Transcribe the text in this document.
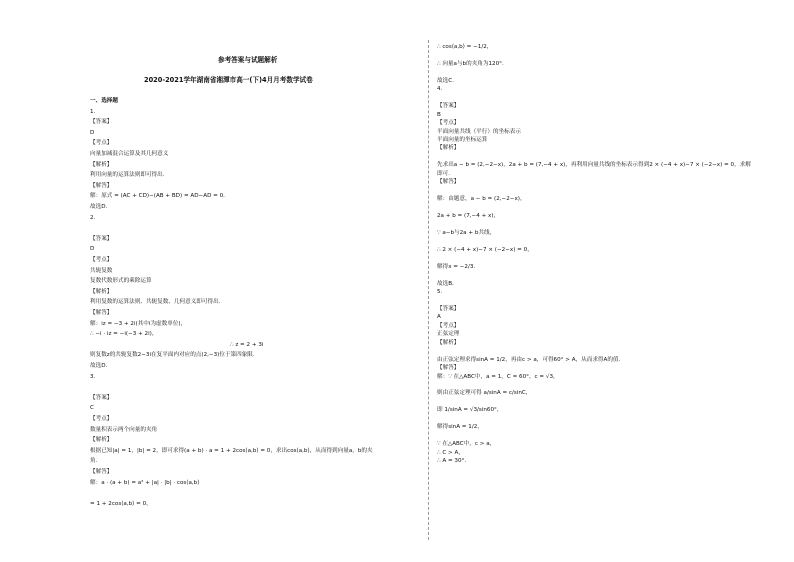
参考答案与试题解析
2020-2021学年湖南省湘潭市高一(下)4月月考数学试卷
一、选择题
1.
【答案】
D
【考点】
向量加减混合运算及其几何意义
【解析】
利用向量的运算法则即可得出.
【解答】
解：原式 = (AC + CD)−(AB + BD) = AD−AD = 0.
故选D.
2.
【答案】
D
【考点】
共轭复数
复数代数形式的乘除运算
【解析】
利用复数的运算法则、共轭复数、几何意义即可得出.
【解答】
解：iz = −3 + 2i(其中i为虚数单位)，
∴ −i · iz = −i(−3 + 2i)，
∴ z = 2 + 3i
则复数z的共轭复数2−3i在复平面内对应的点(2,−3)位于第四象限.
故选D.
3.
【答案】
C
【考点】
数量积表示两个向量的夹角
【解析】
根据已知|a| = 1，|b| = 2，即可求得(a + b) · a = 1 + 2cos⟨a,b⟩ = 0，求出cos⟨a,b⟩，从而得到向量a，b的夹
角.
【解答】
解：a · (a + b) = a² + |a| · |b| · cos⟨a,b⟩
= 1 + 2cos⟨a,b⟩ = 0，
∴ cos⟨a,b⟩ = −1/2，
∴ 向量a与b的夹角为120°.
故选C.
4.
【答案】
B
【考点】
平面向量共线（平行）的坐标表示
平面向量的坐标运算
【解析】
先求出a − b = (2,−2−x)，2a + b = (7,−4 + x)，再利用向量共线的坐标表示得到2 × (−4 + x)−7 × (−2−x) = 0，求解
即可.
【解答】
解：由题意，a − b = (2,−2−x)，
2a + b = (7,−4 + x)，
∵ a−b与2a + b共线，
∴ 2 × (−4 + x)−7 × (−2−x) = 0，
解得x = −2/3.
故选B.
5.
【答案】
A
【考点】
正弦定理
【解析】
由正弦定理求得sinA = 1/2，再由c > a，可得60° > A，从而求得A的值.
【解答】
解：∵ 在△ABC中，a = 1，C = 60°，c = √3，
则由正弦定理可得 a/sinA = c/sinC，
即 1/sinA = √3/sin60°，
解得sinA = 1/2，
∵ 在△ABC中，c > a，
∴ C > A，
∴ A = 30°.
